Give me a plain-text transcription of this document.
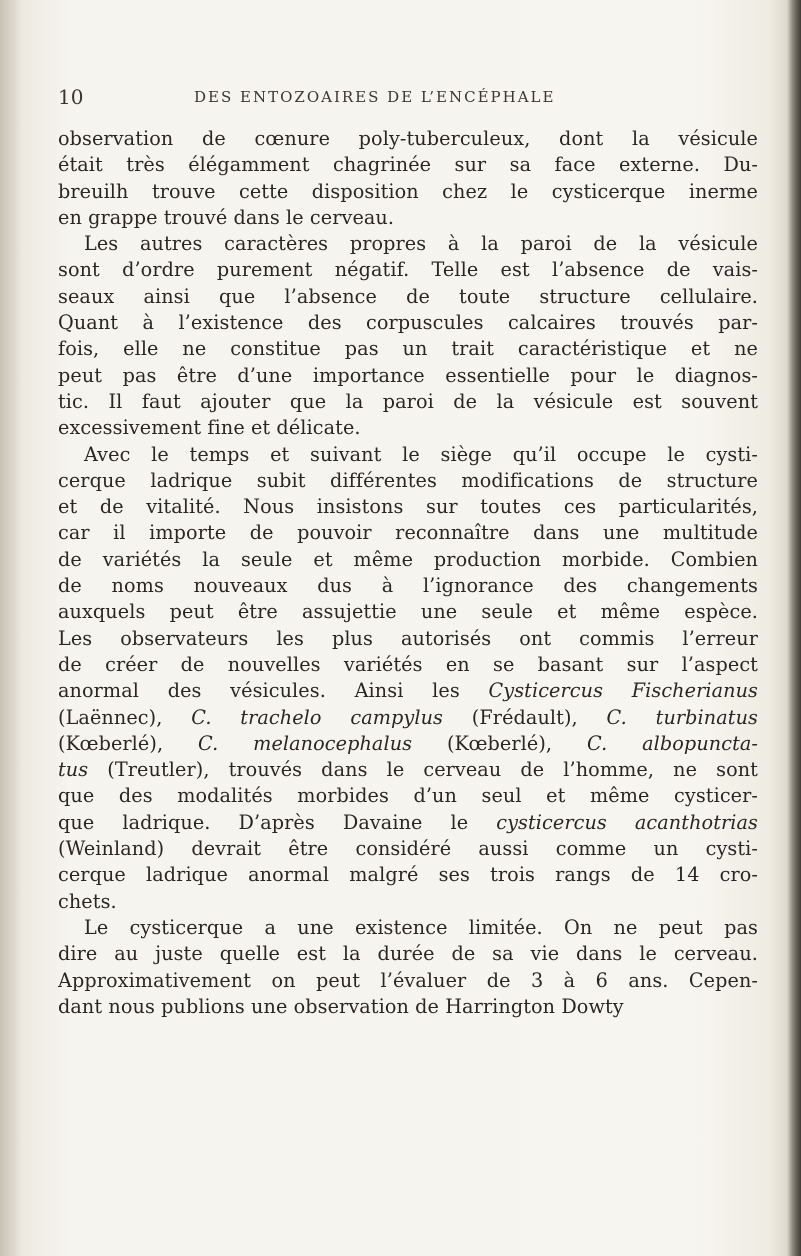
10	DES ENTOZOAIRES DE L’ENCÉPHALE

observation de cœnure poly-tuberculeux, dont la vésicule
était très élégamment chagrinée sur sa face externe. Du-
breuilh trouve cette disposition chez le cysticerque inerme
en grappe trouvé dans le cerveau.
Les autres caractères propres à la paroi de la vésicule
sont d’ordre purement négatif. Telle est l’absence de vais-
seaux ainsi que l’absence de toute structure cellulaire.
Quant à l’existence des corpuscules calcaires trouvés par-
fois, elle ne constitue pas un trait caractéristique et ne
peut pas être d’une importance essentielle pour le diagnos-
tic. Il faut ajouter que la paroi de la vésicule est souvent
excessivement fine et délicate.
Avec le temps et suivant le siège qu’il occupe le cysti-
cerque ladrique subit différentes modifications de structure
et de vitalité. Nous insistons sur toutes ces particularités,
car il importe de pouvoir reconnaître dans une multitude
de variétés la seule et même production morbide. Combien
de noms nouveaux dus à l’ignorance des changements
auxquels peut être assujettie une seule et même espèce.
Les observateurs les plus autorisés ont commis l’erreur
de créer de nouvelles variétés en se basant sur l’aspect
anormal des vésicules. Ainsi les Cysticercus Fischerianus
(Laënnec), C. trachelo campylus (Frédault), C. turbinatus
(Kœberlé), C. melanocephalus (Kœberlé), C. albopuncta-
tus (Treutler), trouvés dans le cerveau de l’homme, ne sont
que des modalités morbides d’un seul et même cysticer-
que ladrique. D’après Davaine le cysticercus acanthotrias
(Weinland) devrait être considéré aussi comme un cysti-
cerque ladrique anormal malgré ses trois rangs de 14 cro-
chets.
Le cysticerque a une existence limitée. On ne peut pas
dire au juste quelle est la durée de sa vie dans le cerveau.
Approximativement on peut l’évaluer de 3 à 6 ans. Cepen-
dant nous publions une observation de Harrington Dowty
